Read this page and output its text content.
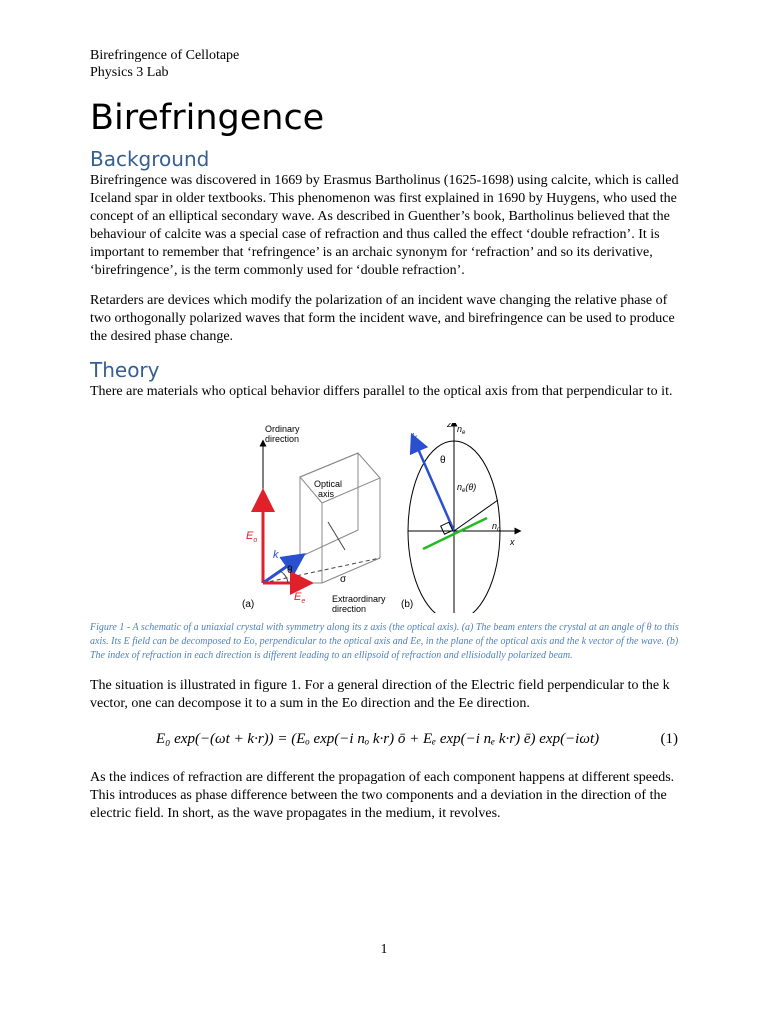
Birefringence of Cellotape
Physics 3 Lab
Birefringence
Background

Birefringence was discovered in 1669 by Erasmus Bartholinus (1625-1698) using calcite, which is called Iceland spar in older textbooks. This phenomenon was first explained in 1690 by Huygens, who used the concept of an elliptical secondary wave. As described in Guenther’s book, Bartholinus believed that the behaviour of calcite was a special case of refraction and thus called the effect ‘double refraction’. It is important to remember that ‘refringence’ is an archaic synonym for ‘refraction’ and so its derivative, ‘birefringence’, is the term commonly used for ‘double refraction’.

Retarders are devices which modify the polarization of an incident wave changing the relative phase of two orthogonally polarized waves that form the incident wave, and birefringence can be used to produce the desired phase change.

Theory

There are materials who optical behavior differs parallel to the optical axis from that perpendicular to it.

Ordinary
direction
Optical
axis
Extraordinary
direction
σ
θ
k
$E_o$
$E_e$
(a)
z
x
$n_e$
$n_o$
$n_e(\theta)$
θ
k
(b)
Figure 1 - A schematic of a uniaxial crystal with symmetry along its z axis (the optical axis). (a) The beam enters the crystal at an angle of θ to this axis. Its E field can be decomposed to Eo, perpendicular to the optical axis and Ee, in the plane of the optical axis and the k vector of the wave. (b) The index of refraction in each direction is different leading to an ellipsoid of refraction and ellisiodally polarized beam.

The situation is illustrated in figure 1. For a general direction of the Electric field perpendicular to the k vector, one can decompose it to a sum in the Eo direction and the Ee direction.

E₀ exp(−(ωt + k·r)) = (Eₒ exp(−i nₒ k·r) ō + Eₑ exp(−i nₑ k·r) ē) exp(−iωt)	(1)

As the indices of refraction are different the propagation of each component happens at different speeds. This introduces as phase difference between the two components and a deviation in the direction of the electric field. In short, as the wave propagates in the medium, it revolves.

1
